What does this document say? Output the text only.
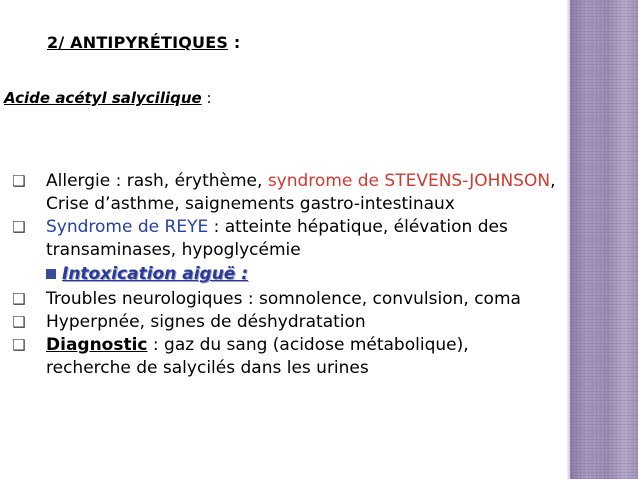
2/ ANTIPYRÉTIQUES :
Acide acétyl salycilique :
❑ Allergie : rash, érythème, syndrome de STEVENS-JOHNSON, Crise d’asthme, saignements gastro-intestinaux
❑ Syndrome de REYE : atteinte hépatique, élévation des transaminases, hypoglycémie
Intoxication aiguë :
❑ Troubles neurologiques : somnolence, convulsion, coma
❑ Hyperpnée, signes de déshydratation
❑ Diagnostic : gaz du sang (acidose métabolique), recherche de salycilés dans les urines
